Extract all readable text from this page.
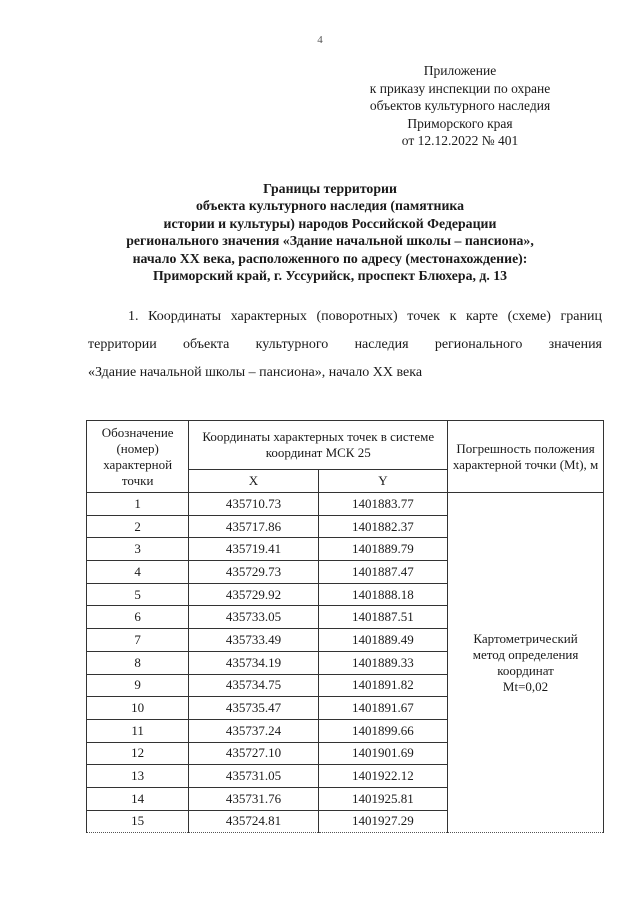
4
Приложение
к приказу инспекции по охране
объектов культурного наследия
Приморского края
от 12.12.2022 № 401
Границы территории
объекта культурного наследия (памятника
истории и культуры) народов Российской Федерации
регионального значения «Здание начальной школы – пансиона»,
начало XX века, расположенного по адресу (местонахождение):
Приморский край, г. Уссурийск, проспект Блюхера, д. 13
1. Координаты характерных (поворотных) точек к карте (схеме) границ
территории объекта культурного наследия регионального значения
«Здание начальной школы – пансиона», начало XX века
Обозначение (номер) характерной точки	Координаты характерных точек в системе координат МСК 25		Погрешность положения характерной точки (Mt), м
	X	Y	
1	435710.73	1401883.77	Картометрический
метод определения
координат
Mt=0,02

2	435717.86	1401882.37	
3	435719.41	1401889.79	
4	435729.73	1401887.47	
5	435729.92	1401888.18	
6	435733.05	1401887.51	
7	435733.49	1401889.49	
8	435734.19	1401889.33	
9	435734.75	1401891.82	
10	435735.47	1401891.67	
11	435737.24	1401899.66	
12	435727.10	1401901.69	
13	435731.05	1401922.12	
14	435731.76	1401925.81	
15	435724.81	1401927.29	
